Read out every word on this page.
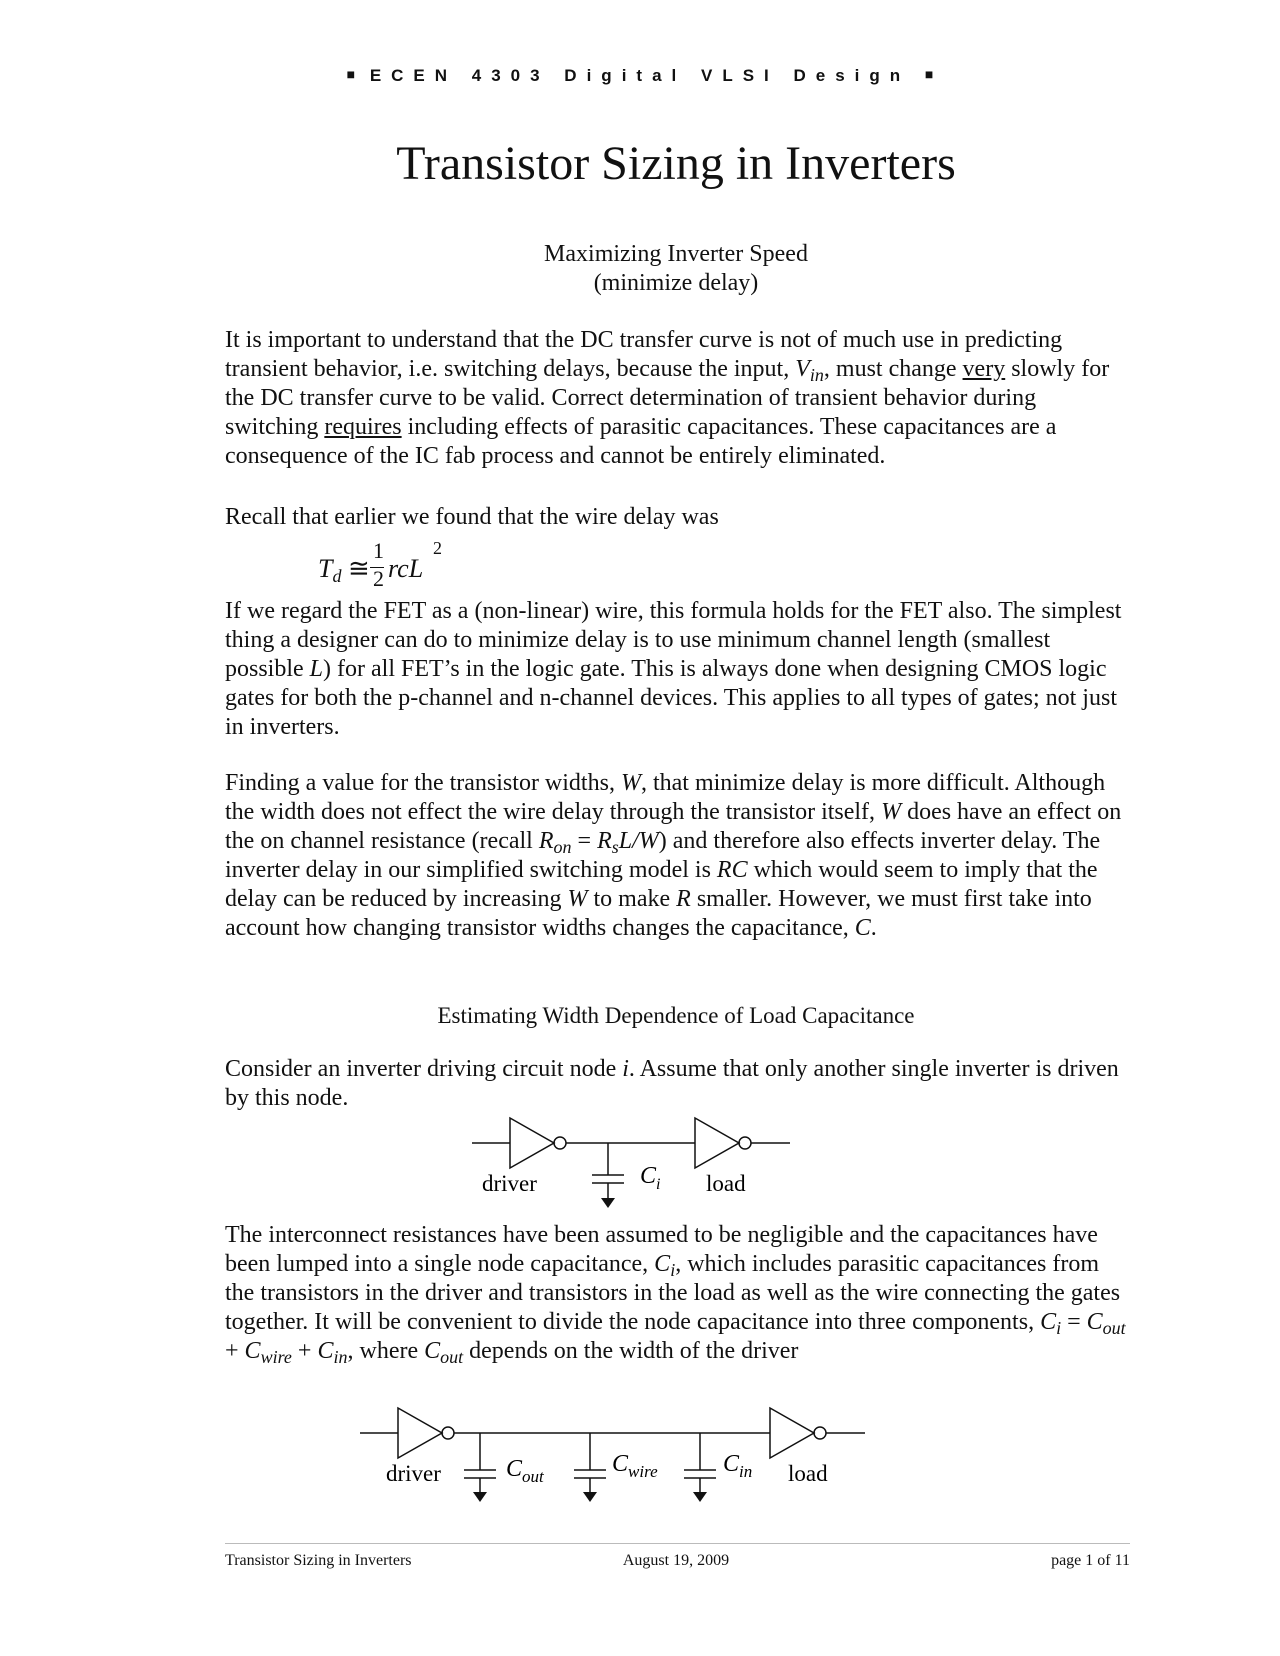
■ ECEN 4303 Digital VLSI Design ■
Transistor Sizing in Inverters
Maximizing Inverter Speed
(minimize delay)
It is important to understand that the DC transfer curve is not of much use in predicting transient behavior, i.e. switching delays, because the input, $V_{in}$, must change very slowly for the DC transfer curve to be valid. Correct determination of transient behavior during switching requires including effects of parasitic capacitances. These capacitances are a consequence of the IC fab process and cannot be entirely eliminated.
Recall that earlier we found that the wire delay was
$T_d$ ≅
1
2 rcL
2
If we regard the FET as a (non-linear) wire, this formula holds for the FET also. The simplest thing a designer can do to minimize delay is to use minimum channel length (smallest possible L) for all FET’s in the logic gate. This is always done when designing CMOS logic gates for both the p-channel and n-channel devices. This applies to all types of gates; not just in inverters.
Finding a value for the transistor widths, W, that minimize delay is more difficult. Although the width does not effect the wire delay through the transistor itself, W does have an effect on the on channel resistance (recall $R_{on} = R_sL/W$) and therefore also effects inverter delay. The inverter delay in our simplified switching model is RC which would seem to imply that the delay can be reduced by increasing W to make R smaller. However, we must first take into account how changing transistor widths changes the capacitance, C.
Estimating Width Dependence of Load Capacitance
Consider an inverter driving circuit node i. Assume that only another single inverter is driven by this node.
driver	load
$C_i$
The interconnect resistances have been assumed to be negligible and the capacitances have been lumped into a single node capacitance, $C_i$, which includes parasitic capacitances from the transistors in the driver and transistors in the load as well as the wire connecting the gates together. It will be convenient to divide the node capacitance into three components, $C_i = C_{out} + C_{wire} + C_{in}$, where $C_{out}$ depends on the width of the driver
driver	load
$C_{out}$	$C_{wire}$	$C_{in}$
Transistor Sizing in Inverters	August 19, 2009	page 1 of 11
